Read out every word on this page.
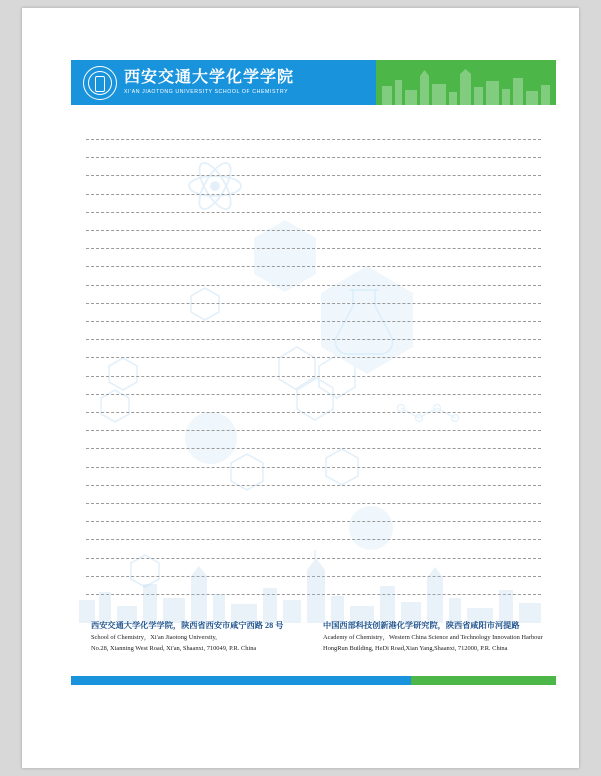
西安交通大学化学学院
XI'AN JIAOTONG UNIVERSITY SCHOOL OF CHEMISTRY
西安交通大学化学学院，陕西省西安市咸宁西路 28 号
School of Chemistry，Xi'an Jiaotong University,
No.28, Xianning West Road, Xi'an, Shaanxi, 710049, P.R. China
中国西部科技创新港化学研究院，陕西省咸阳市河提路
Academy of Chemistry，Western China Science and Technology Innovation Harbour
HongRun Building, HeDi Road,Xian Yang,Shaanxi, 712000, P.R. China
